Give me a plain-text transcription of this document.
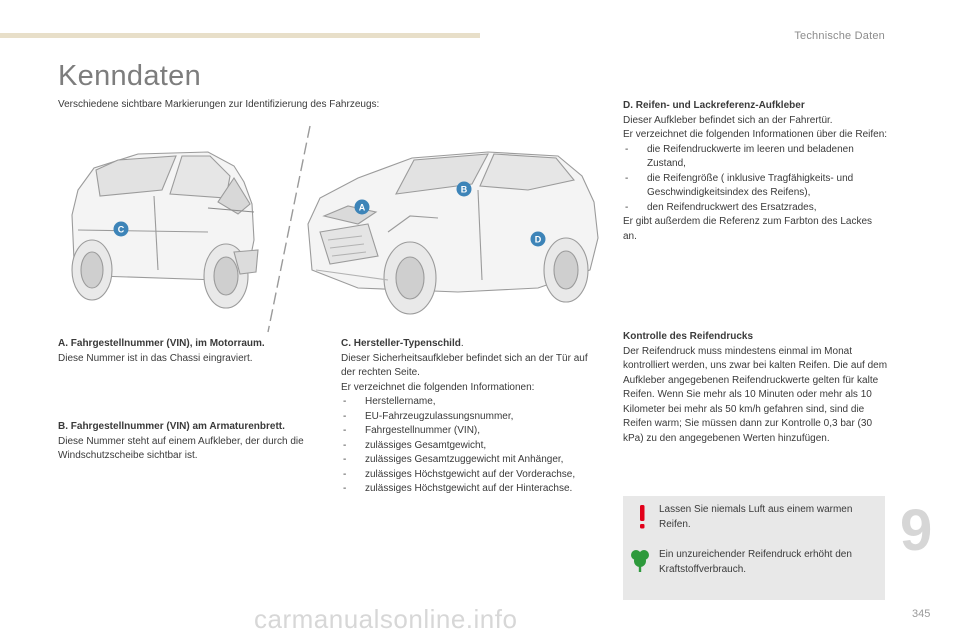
Technische Daten
Kenndaten
Verschiedene sichtbare Markierungen zur Identifizierung des Fahrzeugs:
C
A
B
D
A. Fahrgestellnummer (VIN), im Motorraum.
Diese Nummer ist in das Chassi eingraviert.
B. Fahrgestellnummer (VIN) am Armaturenbrett.
Diese Nummer steht auf einem Aufkleber, der durch die Windschutzscheibe sichtbar ist.
C. Hersteller-Typenschild.
Dieser Sicherheitsaufkleber befindet sich an der Tür auf der rechten Seite.
Er verzeichnet die folgenden Informationen:
- Herstellername,
- EU-Fahrzeugzulassungsnummer,
- Fahrgestellnummer (VIN),
- zulässiges Gesamtgewicht,
- zulässiges Gesamtzuggewicht mit Anhänger,
- zulässiges Höchstgewicht auf der Vorderachse,
- zulässiges Höchstgewicht auf der Hinterachse.
D. Reifen- und Lackreferenz-Aufkleber
Dieser Aufkleber befindet sich an der Fahrertür.
Er verzeichnet die folgenden Informationen über die Reifen:
- die Reifendruckwerte im leeren und beladenen Zustand,
- die Reifengröße ( inklusive Tragfähigkeits- und Geschwindigkeitsindex des Reifens),
- den Reifendruckwert des Ersatzrades,
Er gibt außerdem die Referenz zum Farbton des Lackes an.
Kontrolle des Reifendrucks
Der Reifendruck muss mindestens einmal im Monat kontrolliert werden, uns zwar bei kalten Reifen. Die auf dem Aufkleber angegebenen Reifendruckwerte gelten für kalte Reifen. Wenn Sie mehr als 10 Minuten oder mehr als 10 Kilometer bei mehr als 50 km/h gefahren sind, sind die Reifen warm; Sie müssen dann zur Kontrolle 0,3 bar (30 kPa) zu den angegebenen Werten hinzufügen.
Lassen Sie niemals Luft aus einem warmen Reifen.
Ein unzureichender Reifendruck erhöht den Kraftstoffverbrauch.
9
carmanualsonline.info	345
